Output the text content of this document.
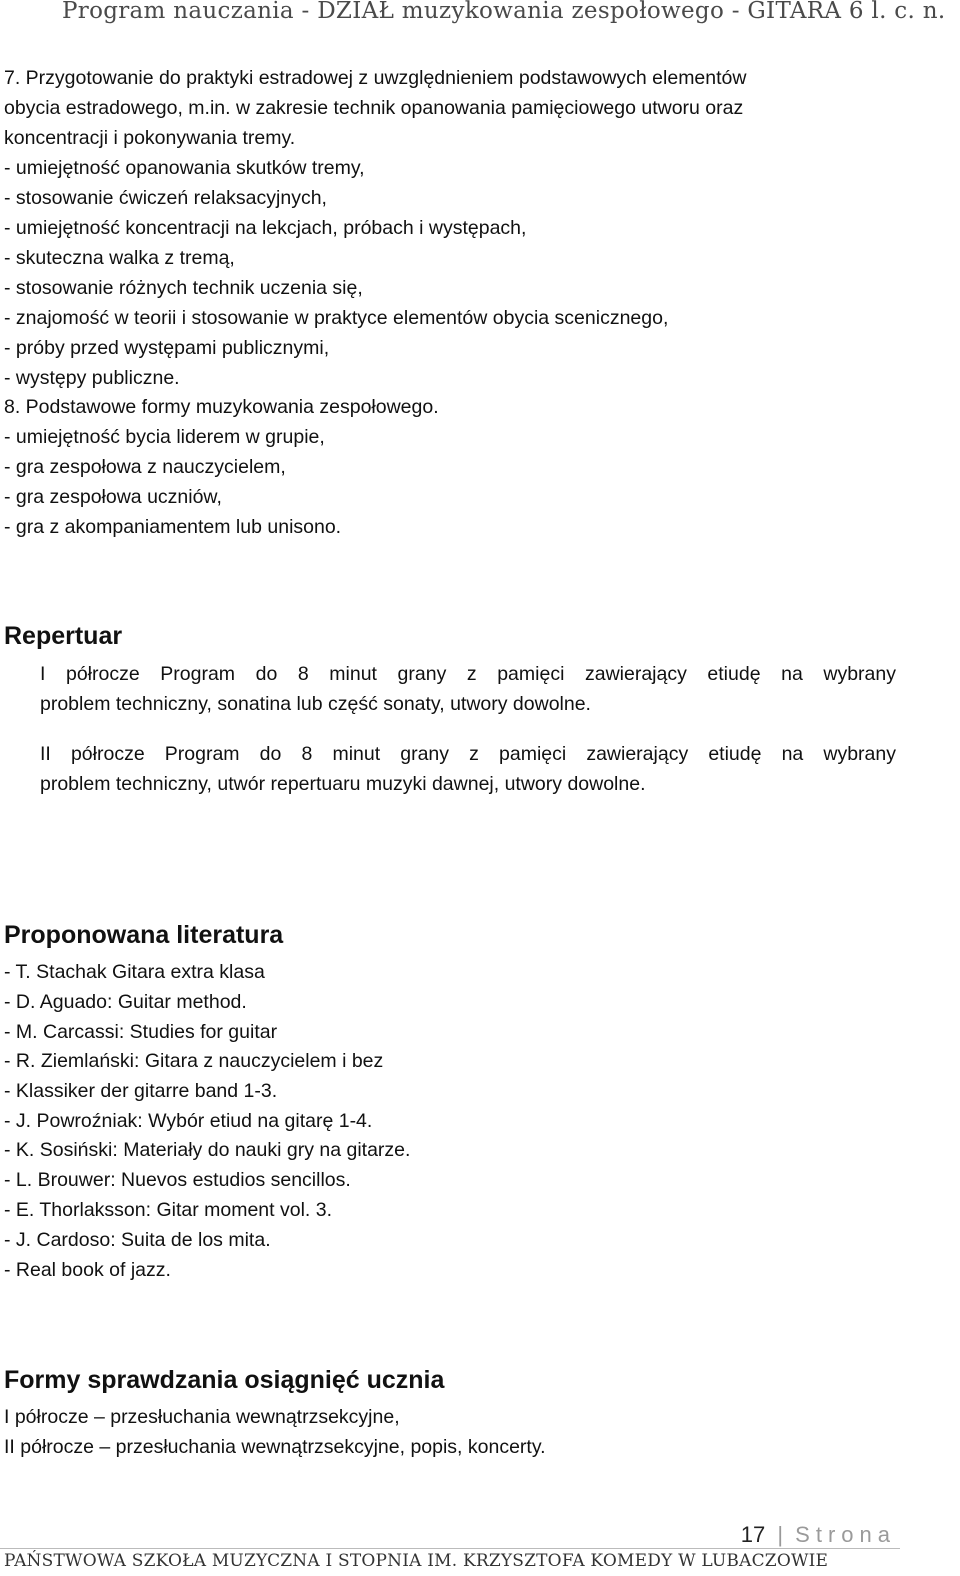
Program nauczania - DZIAŁ muzykowania zespołowego - GITARA 6 l. c. n.
7. Przygotowanie do praktyki estradowej z uwzględnieniem podstawowych elementów
obycia estradowego, m.in. w zakresie technik opanowania pamięciowego utworu oraz
koncentracji i pokonywania tremy.
- umiejętność opanowania skutków tremy,
- stosowanie ćwiczeń relaksacyjnych,
- umiejętność koncentracji na lekcjach, próbach i występach,
- skuteczna walka z tremą,
- stosowanie różnych technik uczenia się,
- znajomość w teorii i stosowanie w praktyce elementów obycia scenicznego,
- próby przed występami publicznymi,
- występy publiczne.
8. Podstawowe formy muzykowania zespołowego.
- umiejętność bycia liderem w grupie,
- gra zespołowa z nauczycielem,
- gra zespołowa uczniów,
- gra z akompaniamentem lub unisono.
Repertuar
I półrocze Program do 8 minut grany z pamięci zawierający etiudę na wybrany
problem techniczny, sonatina lub część sonaty, utwory dowolne.
II półrocze Program do 8 minut grany z pamięci zawierający etiudę na wybrany
problem techniczny, utwór repertuaru muzyki dawnej, utwory dowolne.
Proponowana literatura
- T. Stachak Gitara extra klasa
- D. Aguado: Guitar method.
- M. Carcassi: Studies for guitar
- R. Ziemlański: Gitara z nauczycielem i bez
- Klassiker der gitarre band 1-3.
- J. Powroźniak: Wybór etiud na gitarę 1-4.
- K. Sosiński: Materiały do nauki gry na gitarze.
- L. Brouwer: Nuevos estudios sencillos.
- E. Thorlaksson: Gitar moment vol. 3.
- J. Cardoso: Suita de los mita.
- Real book of jazz.
Formy sprawdzania osiągnięć ucznia
I półrocze – przesłuchania wewnątrzsekcyjne,
II półrocze – przesłuchania wewnątrzsekcyjne, popis, koncerty.
17 | Strona
PAŃSTWOWA SZKOŁA MUZYCZNA I STOPNIA IM. KRZYSZTOFA KOMEDY W LUBACZOWIE
